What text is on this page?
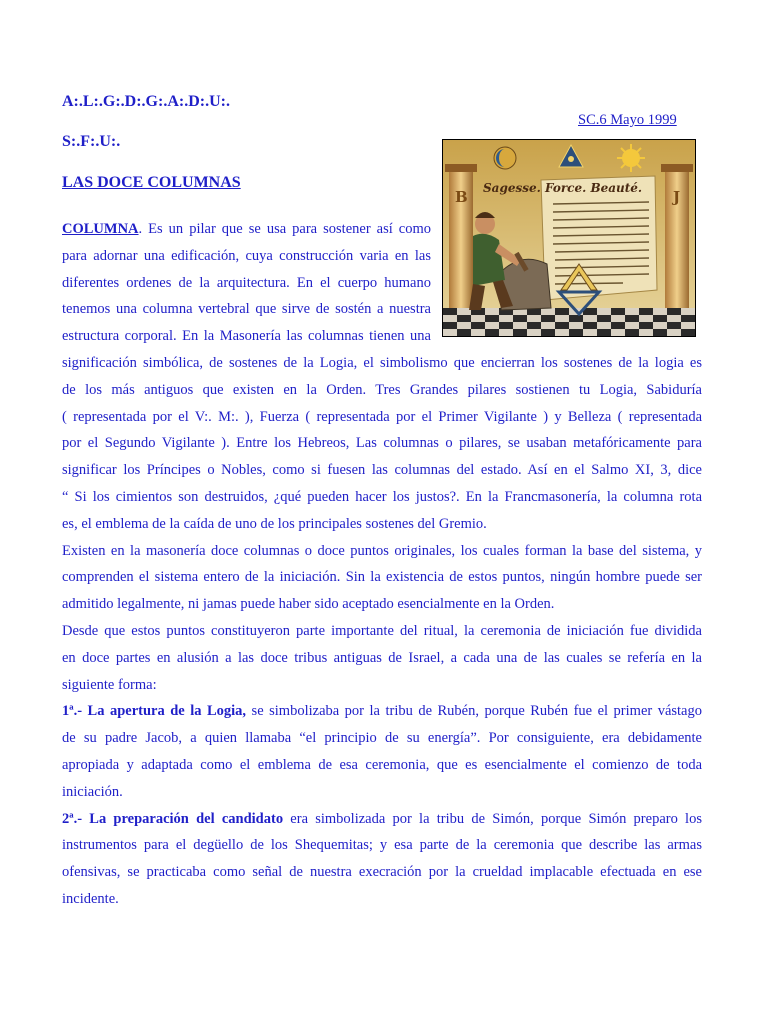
A:.L:.G:.D:.G:.A:.D:.U:.
S:.F:.U:.
LAS DOCE COLUMNAS
SC.6 Mayo 1999
B	J
Sagesse. Force. Beauté.
COLUMNA. Es un pilar que se usa para sostener así como
para adornar una edificación, cuya construcción varia en las
diferentes ordenes de la arquitectura. En el cuerpo humano
tenemos una columna vertebral que sirve de sostén a nuestra
estructura corporal. En la Masonería las columnas tienen una
significación simbólica, de sostenes de la Logia, el simbolismo que encierran los sostenes de la logia es
de los más antiguos que existen en la Orden. Tres Grandes pilares sostienen tu Logia, Sabiduría
( representada por el V:. M:. ), Fuerza ( representada por el Primer Vigilante ) y Belleza ( representada
por el Segundo Vigilante ). Entre los Hebreos, Las columnas o pilares, se usaban metafóricamente para
significar los Príncipes o Nobles, como si fuesen las columnas del estado. Así en el Salmo XI, 3, dice
“ Si los cimientos son destruidos, ¿qué pueden hacer los justos?. En la Francmasonería, la columna rota
es, el emblema de la caída de uno de los principales sostenes del Gremio.
Existen en la masonería doce columnas o doce puntos originales, los cuales forman la base del sistema, y
comprenden el sistema entero de la iniciación. Sin la existencia de estos puntos, ningún hombre puede ser
admitido legalmente, ni jamas puede haber sido aceptado esencialmente en la Orden.
Desde que estos puntos constituyeron parte importante del ritual, la ceremonia de iniciación fue dividida
en doce partes en alusión a las doce tribus antiguas de Israel, a cada una de las cuales se refería en la
siguiente forma:
1ª.- La apertura de la Logia, se simbolizaba por la tribu de Rubén, porque Rubén fue el primer vástago
de su padre Jacob, a quien llamaba “el principio de su energía”. Por consiguiente, era debidamente
apropiada y adaptada como el emblema de esa ceremonia, que es esencialmente el comienzo de toda
iniciación.
2ª.- La preparación del candidato era simbolizada por la tribu de Simón, porque Simón preparo los
instrumentos para el degüello de los Shequemitas; y esa parte de la ceremonia que describe las armas
ofensivas, se practicaba como señal de nuestra execración por la crueldad implacable efectuada en ese
incidente.
